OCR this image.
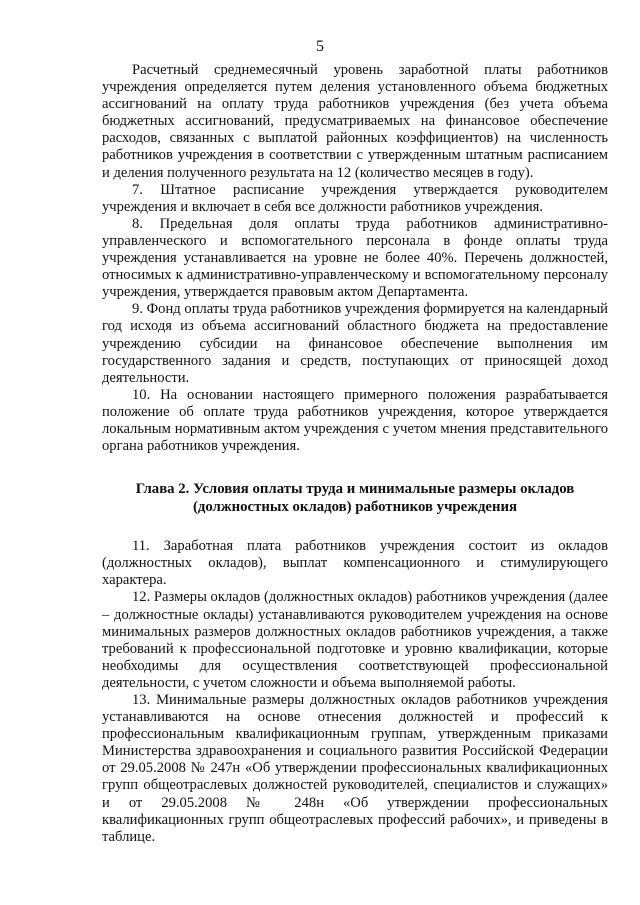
5

Расчетный среднемесячный уровень заработной платы работников учреждения определяется путем деления установленного объема бюджетных ассигнований на оплату труда работников учреждения (без учета объема бюджетных ассигнований, предусматриваемых на финансовое обеспечение расходов, связанных с выплатой районных коэффициентов) на численность работников учреждения в соответствии с утвержденным штатным расписанием и деления полученного результата на 12 (количество месяцев в году).

7. Штатное расписание учреждения утверждается руководителем учреждения и включает в себя все должности работников учреждения.

8. Предельная доля оплаты труда работников административно-управленческого и вспомогательного персонала в фонде оплаты труда учреждения устанавливается на уровне не более 40%. Перечень должностей, относимых к административно-управленческому и вспомогательному персоналу учреждения, утверждается правовым актом Департамента.

9. Фонд оплаты труда работников учреждения формируется на календарный год исходя из объема ассигнований областного бюджета на предоставление учреждению субсидии на финансовое обеспечение выполнения им государственного задания и средств, поступающих от приносящей доход деятельности.

10. На основании настоящего примерного положения разрабатывается положение об оплате труда работников учреждения, которое утверждается локальным нормативным актом учреждения с учетом мнения представительного органа работников учреждения.

Глава 2. Условия оплаты труда и минимальные размеры окладов
(должностных окладов) работников учреждения

11. Заработная плата работников учреждения состоит из окладов (должностных окладов), выплат компенсационного и стимулирующего характера.

12. Размеры окладов (должностных окладов) работников учреждения (далее – должностные оклады) устанавливаются руководителем учреждения на основе минимальных размеров должностных окладов работников учреждения, а также требований к профессиональной подготовке и уровню квалификации, которые необходимы для осуществления соответствующей профессиональной деятельности, с учетом сложности и объема выполняемой работы.

13. Минимальные размеры должностных окладов работников учреждения устанавливаются на основе отнесения должностей и профессий к профессиональным квалификационным группам, утвержденным приказами Министерства здравоохранения и социального развития Российской Федерации от 29.05.2008 № 247н «Об утверждении профессиональных квалификационных групп общеотраслевых должностей руководителей, специалистов и служащих» и от 29.05.2008 № 248н «Об утверждении профессиональных квалификационных групп общеотраслевых профессий рабочих», и приведены в таблице.
